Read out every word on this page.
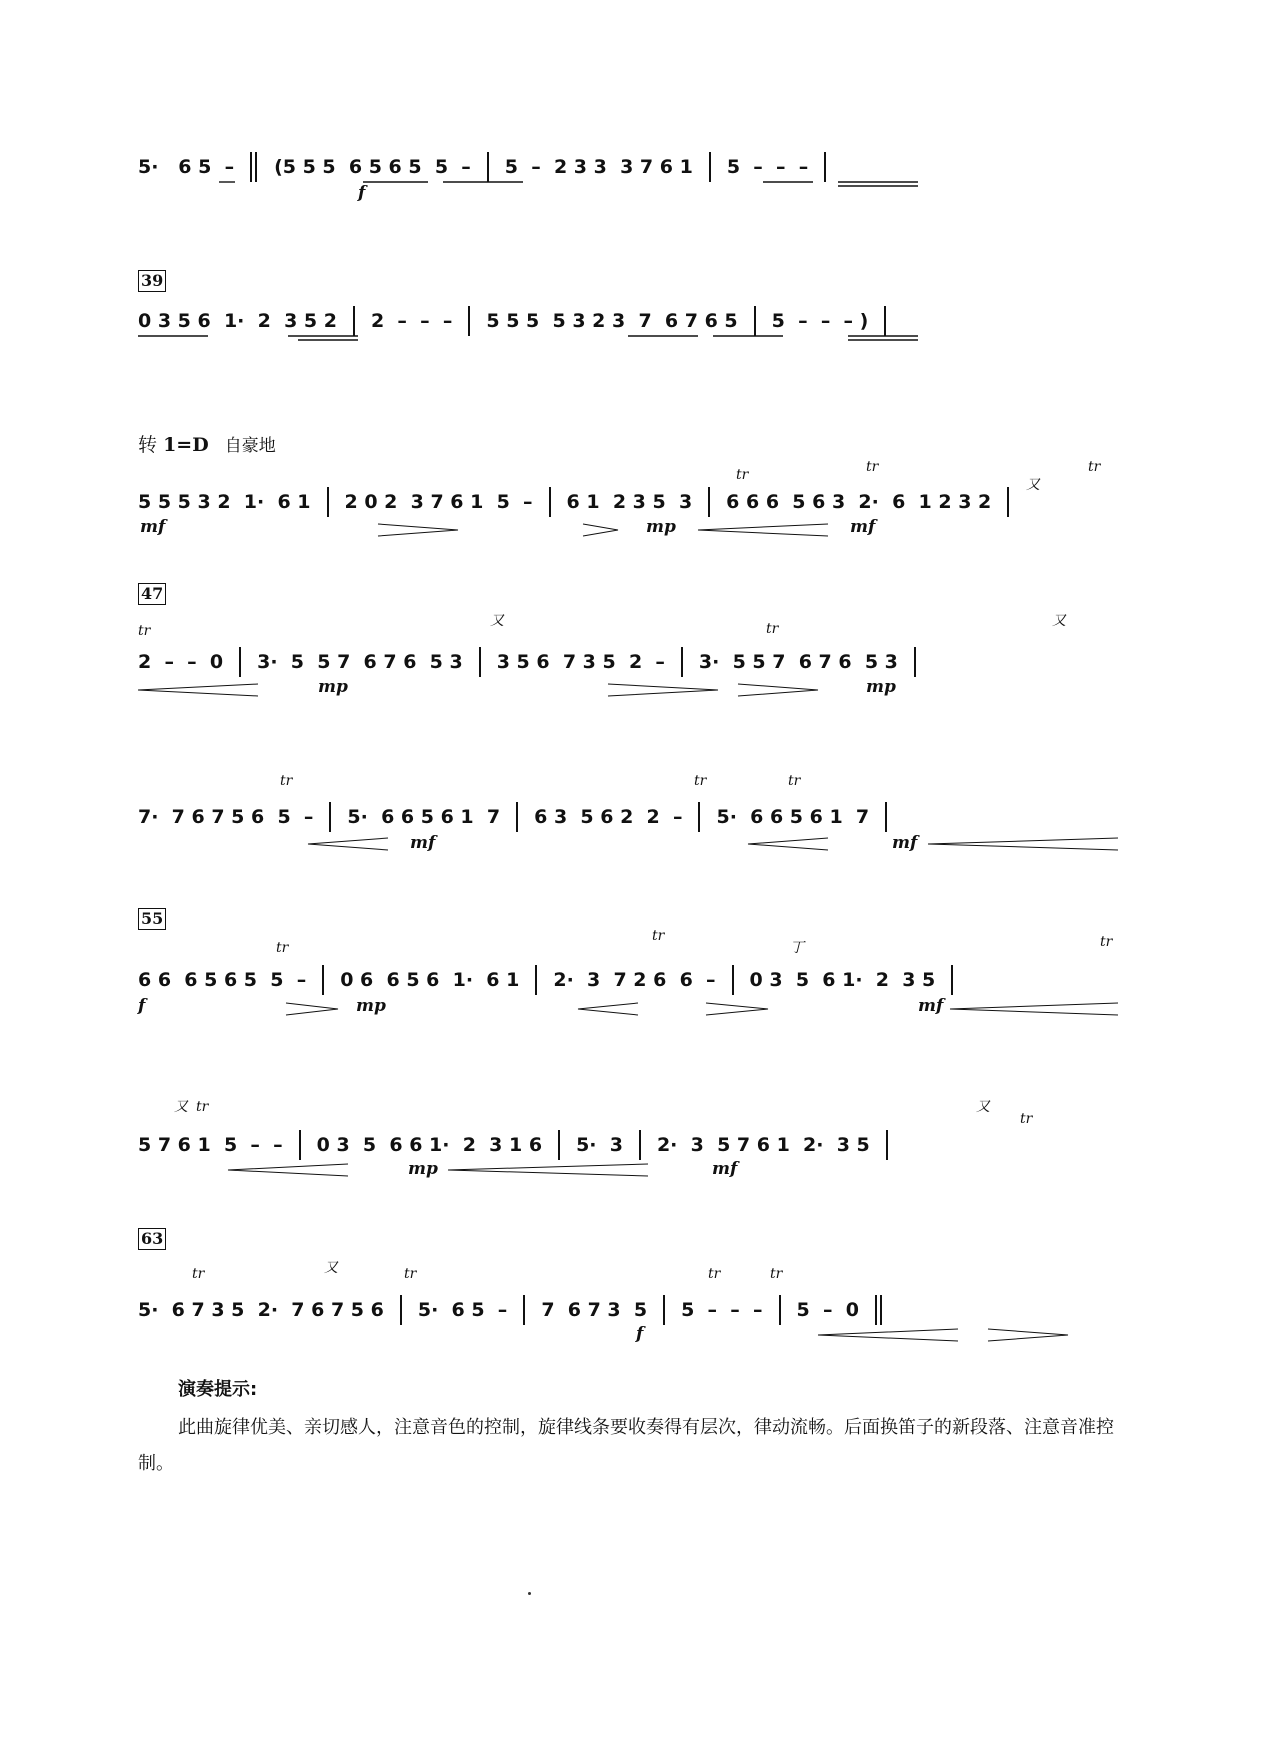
5·   6 5  – (5 5 5  6 5 6 5  5  – 5  –  2 3 3  3 7 6 1 5  –  –  –
f
39
0 3 5 6  1·  2  3 5 2 2  –  –  – 5 5 5  5 3 2 3  7  6 7 6 5 5  –  –  – )
转 1=D 自豪地
5 5 5 3 2  1·  6 1 2 0 2  3 7 6 1  5  – 6 1  2 3 5  3 6 6 6  5 6 3  2·  6  1 2 3 2
tr	tr
又
tr
mf	mp	mf
47
2  –  –  0 3·  5  5 7  6 7 6  5 3 3 5 6  7 3 5  2  – 3·  5 5 7  6 7 6  5 3
tr
又	tr	又
mp	mp
7·  7 6 7 5 6  5  – 5·  6 6 5 6 1  7 6 3  5 6 2  2  – 5·  6 6 5 6 1  7
tr	tr	tr
mf	mf
55
6 6  6 5 6 5  5  – 0 6  6 5 6  1·  6 1 2·  3  7 2 6  6  – 0 3  5  6 1·  2  3 5
tr
tr
丁	tr
f	mp	mf
5 7 6 1  5  –  – 0 3  5  6 6 1·  2  3 1 6 5·  3 2·  3  5 7 6 1  2·  3 5
又 tr	又
tr
mp	mf
63
5·  6 7 3 5  2·  7 6 7 5 6 5·  6 5  – 7  6 7 3  5 5  –  –  – 5  –  0
tr	又	tr	tr	tr
f
演奏提示:
此曲旋律优美、亲切感人，注意音色的控制，旋律线条要收奏得有层次，律动流畅。后面换笛子的新段落、注意音准控制。
